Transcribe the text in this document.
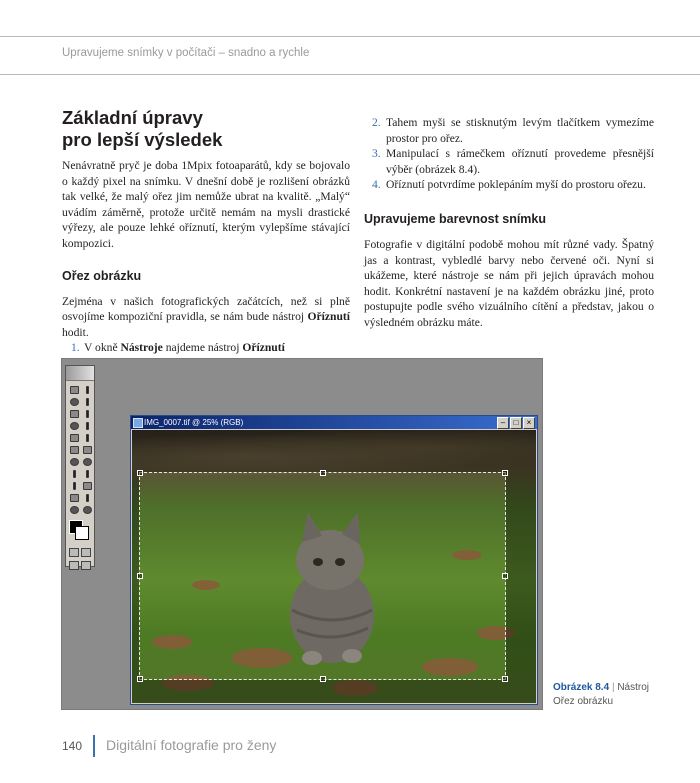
Upravujeme snímky v počítači – snadno a rychle
Základní úpravy
pro lepší výsledek

Nenávratně pryč je doba 1Mpix fotoaparátů, kdy se bojovalo o každý pixel na snímku. V dnešní době je rozlišení obrázků tak velké, že malý ořez jim nemůže ubrat na kvalitě. „Malý“ uvádím záměrně, protože určitě nemám na mysli drastické výřezy, ale pouze lehké oříznutí, kterým vylepšíme stávající kompozici.

Ořez obrázku

Zejména v našich fotografických začátcích, než si plně osvojíme kompoziční pravidla, se nám bude nástroj Oříznutí hodit.

1. V okně Nástroje najdeme nástroj Oříznutí
2. Tahem myši se stisknutým levým tlačítkem vymezíme prostor pro ořez.
3. Manipulací s rámečkem oříznutí provedeme přesnější výběr (obrázek 8.4).
4. Oříznutí potvrdíme poklepáním myší do prostoru ořezu.
Upravujeme barevnost snímku

Fotografie v digitální podobě mohou mít různé vady. Špatný jas a kontrast, vybledlé barvy nebo červené oči. Nyní si ukážeme, které nástroje se nám při jejich úpravách mohou hodit. Konkrétní nastavení je na každém obrázku jiné, proto postupujte podle svého vizuálního cítění a představ, jakou o výsledném obrázku máte.

IMG_0007.tif @ 25% (RGB)	–	□	×
Obrázek 8.4 | Nástroj
Ořez obrázku
140 Digitální fotografie pro ženy
